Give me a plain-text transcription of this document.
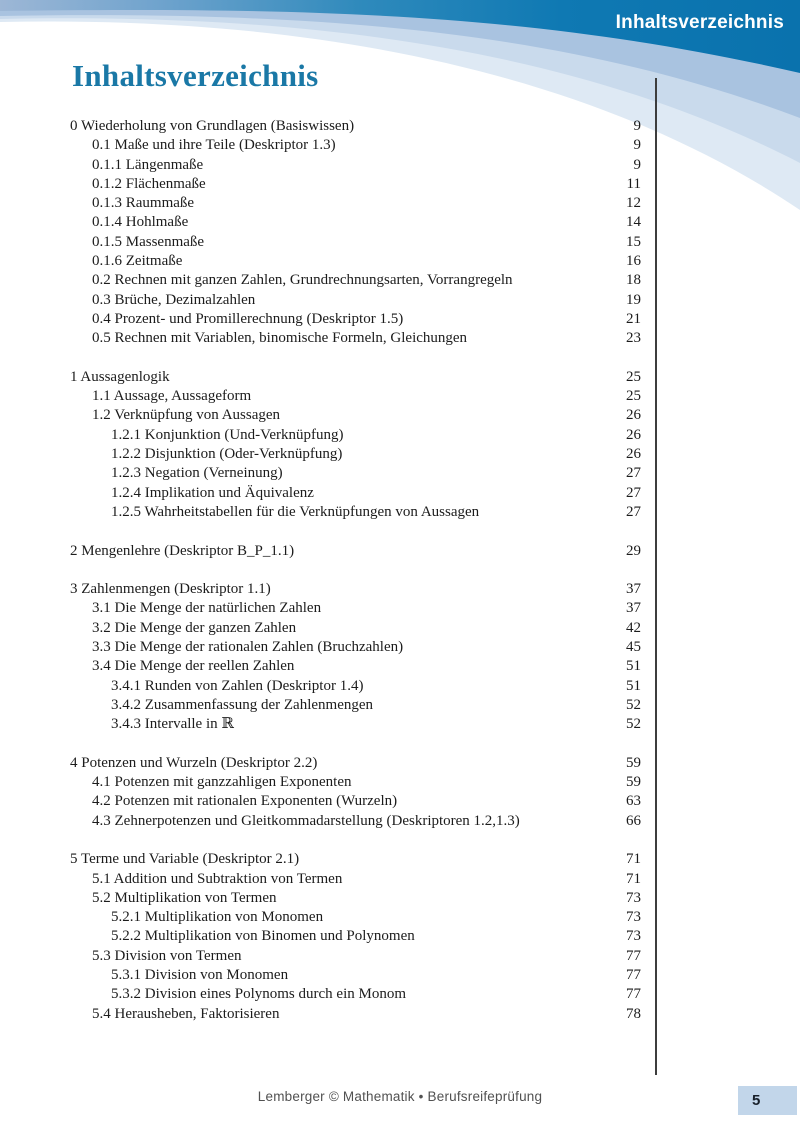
Inhaltsverzeichnis
Inhaltsverzeichnis
0 Wiederholung von Grundlagen (Basiswissen)	9
0.1 Maße und ihre Teile (Deskriptor 1.3)	9
0.1.1 Längenmaße	9
0.1.2 Flächenmaße	11
0.1.3 Raummaße	12
0.1.4 Hohlmaße	14
0.1.5 Massenmaße	15
0.1.6 Zeitmaße	16
0.2 Rechnen mit ganzen Zahlen, Grundrechnungsarten, Vorrangregeln	18
0.3 Brüche, Dezimalzahlen	19
0.4 Prozent- und Promillerechnung (Deskriptor 1.5)	21
0.5 Rechnen mit Variablen, binomische Formeln, Gleichungen	23
1 Aussagenlogik	25
1.1 Aussage, Aussageform	25
1.2 Verknüpfung von Aussagen	26
1.2.1 Konjunktion (Und-Verknüpfung)	26
1.2.2 Disjunktion (Oder-Verknüpfung)	26
1.2.3 Negation (Verneinung)	27
1.2.4 Implikation und Äquivalenz	27
1.2.5 Wahrheitstabellen für die Verknüpfungen von Aussagen	27
2 Mengenlehre (Deskriptor B_P_1.1)	29
3 Zahlenmengen (Deskriptor 1.1)	37
3.1 Die Menge der natürlichen Zahlen	37
3.2 Die Menge der ganzen Zahlen	42
3.3 Die Menge der rationalen Zahlen (Bruchzahlen)	45
3.4 Die Menge der reellen Zahlen	51
3.4.1 Runden von Zahlen (Deskriptor 1.4)	51
3.4.2 Zusammenfassung der Zahlenmengen	52
3.4.3 Intervalle in ℝ	52
4 Potenzen und Wurzeln (Deskriptor 2.2)	59
4.1 Potenzen mit ganzzahligen Exponenten	59
4.2 Potenzen mit rationalen Exponenten (Wurzeln)	63
4.3 Zehnerpotenzen und Gleitkommadarstellung (Deskriptoren 1.2,1.3)	66
5 Terme und Variable (Deskriptor 2.1)	71
5.1 Addition und Subtraktion von Termen	71
5.2 Multiplikation von Termen	73
5.2.1 Multiplikation von Monomen	73
5.2.2 Multiplikation von Binomen und Polynomen	73
5.3 Division von Termen	77
5.3.1 Division von Monomen	77
5.3.2 Division eines Polynoms durch ein Monom	77
5.4 Herausheben, Faktorisieren	78
Lemberger © Mathematik • Berufsreifeprüfung	5
